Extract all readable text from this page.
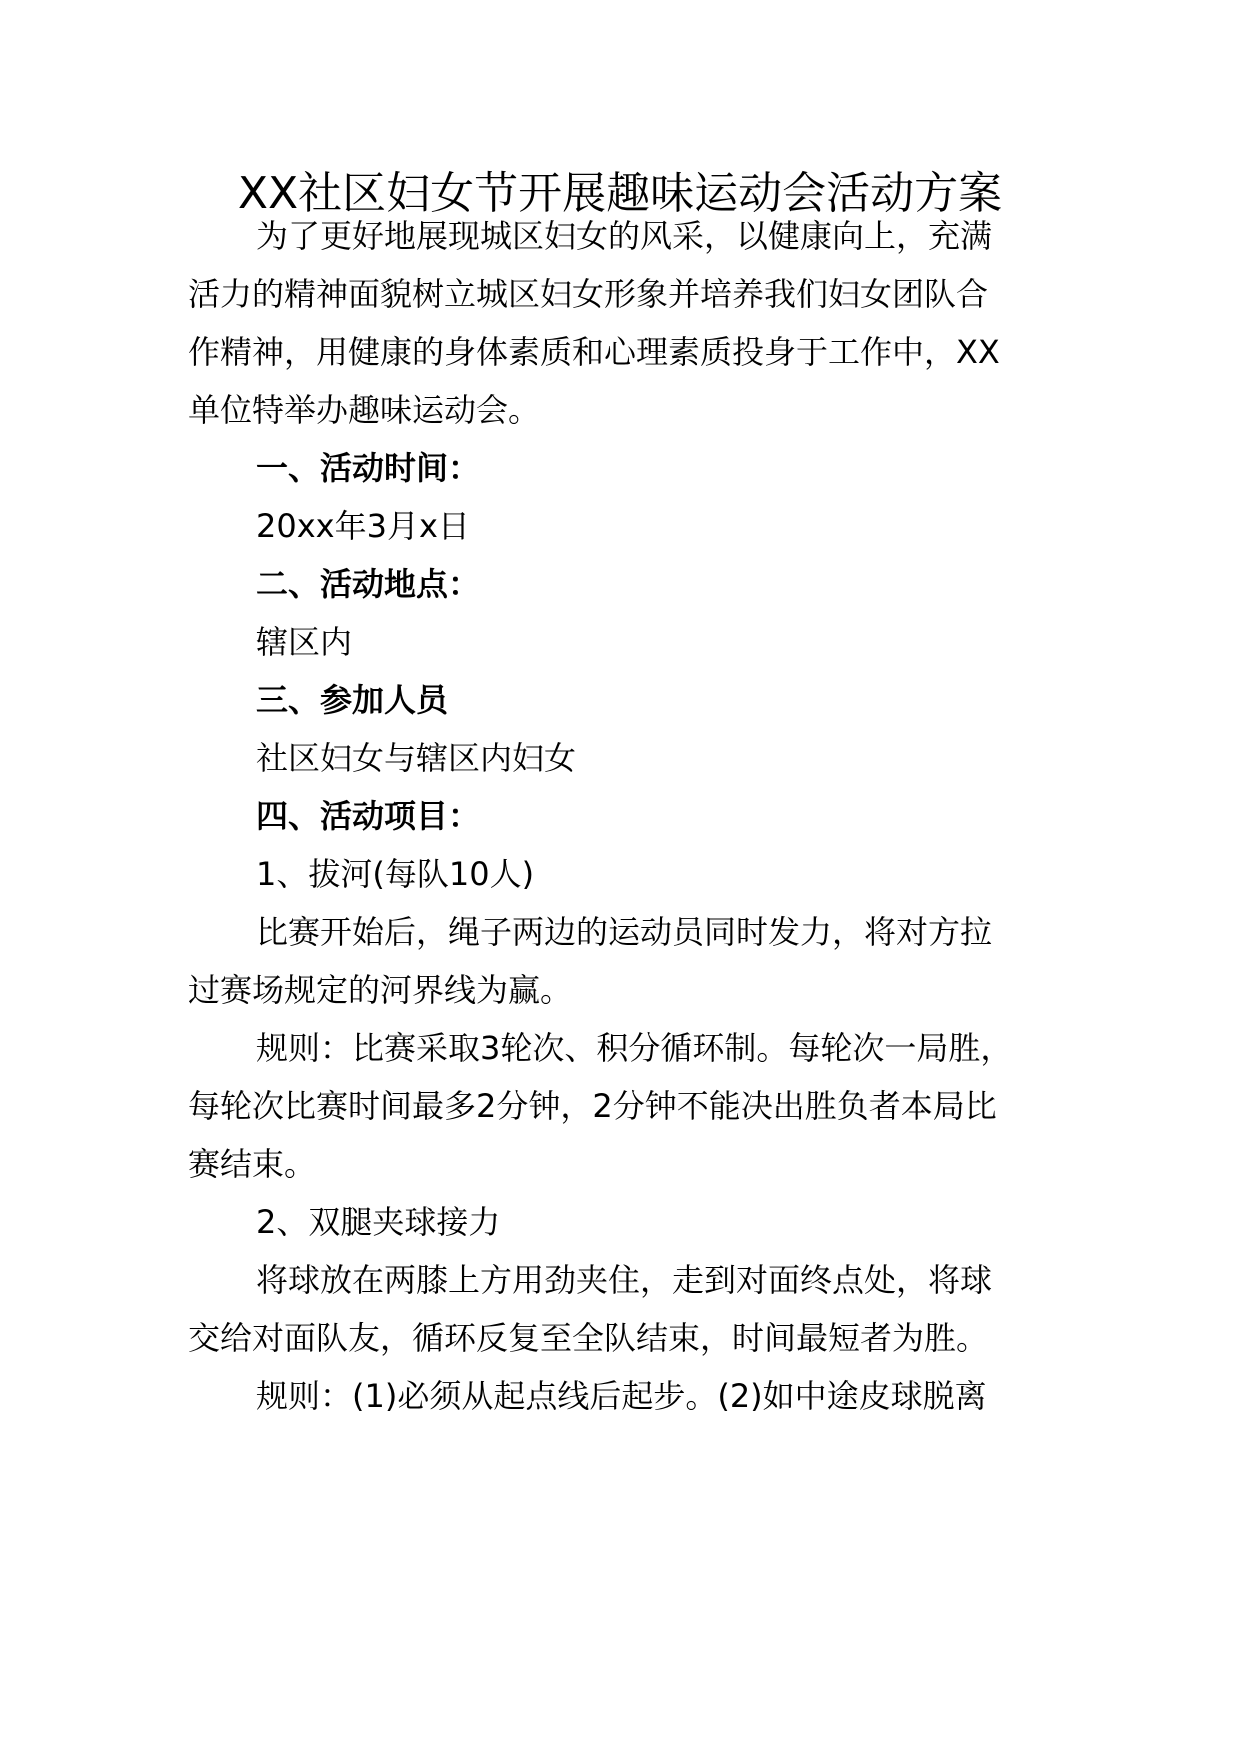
XX社区妇女节开展趣味运动会活动方案
为了更好地展现城区妇女的风采，以健康向上，充满
活力的精神面貌树立城区妇女形象并培养我们妇女团队合
作精神，用健康的身体素质和心理素质投身于工作中，XX
单位特举办趣味运动会。
一、活动时间：
20xx年3月x日
二、活动地点：
辖区内
三、参加人员
社区妇女与辖区内妇女
四、活动项目：
1、拔河(每队10人)
比赛开始后，绳子两边的运动员同时发力，将对方拉
过赛场规定的河界线为赢。
规则：比赛采取3轮次、积分循环制。每轮次一局胜，
每轮次比赛时间最多2分钟，2分钟不能决出胜负者本局比
赛结束。
2、双腿夹球接力
将球放在两膝上方用劲夹住，走到对面终点处，将球
交给对面队友，循环反复至全队结束，时间最短者为胜。
规则：(1)必须从起点线后起步。(2)如中途皮球脱离
